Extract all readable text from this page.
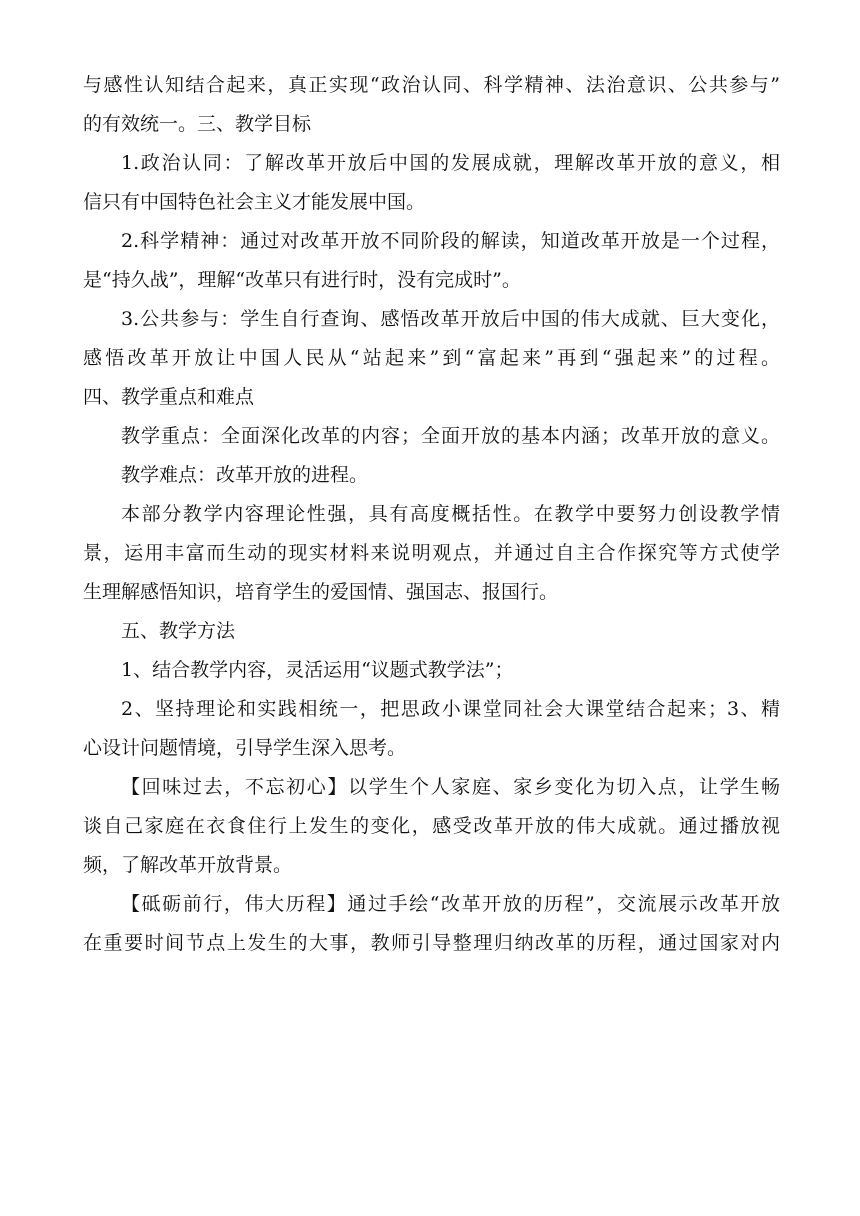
与感性认知结合起来，真正实现“政治认同、科学精神、法治意识、公共参与”
的有效统一。三、教学目标
1.政治认同：了解改革开放后中国的发展成就，理解改革开放的意义，相
信只有中国特色社会主义才能发展中国。
2.科学精神：通过对改革开放不同阶段的解读，知道改革开放是一个过程，
是“持久战”，理解“改革只有进行时，没有完成时”。
3.公共参与：学生自行查询、感悟改革开放后中国的伟大成就、巨大变化，
感悟改革开放让中国人民从“站起来”到“富起来”再到“强起来”的过程。
四、教学重点和难点
教学重点：全面深化改革的内容；全面开放的基本内涵；改革开放的意义。
教学难点：改革开放的进程。
本部分教学内容理论性强，具有高度概括性。在教学中要努力创设教学情
景，运用丰富而生动的现实材料来说明观点，并通过自主合作探究等方式使学
生理解感悟知识，培育学生的爱国情、强国志、报国行。
五、教学方法
1、结合教学内容，灵活运用“议题式教学法”；
2、坚持理论和实践相统一，把思政小课堂同社会大课堂结合起来；3、精
心设计问题情境，引导学生深入思考。
【回味过去，不忘初心】以学生个人家庭、家乡变化为切入点，让学生畅
谈自己家庭在衣食住行上发生的变化，感受改革开放的伟大成就。通过播放视
频，了解改革开放背景。
【砥砺前行，伟大历程】通过手绘“改革开放的历程”，交流展示改革开放
在重要时间节点上发生的大事，教师引导整理归纳改革的历程，通过国家对内
